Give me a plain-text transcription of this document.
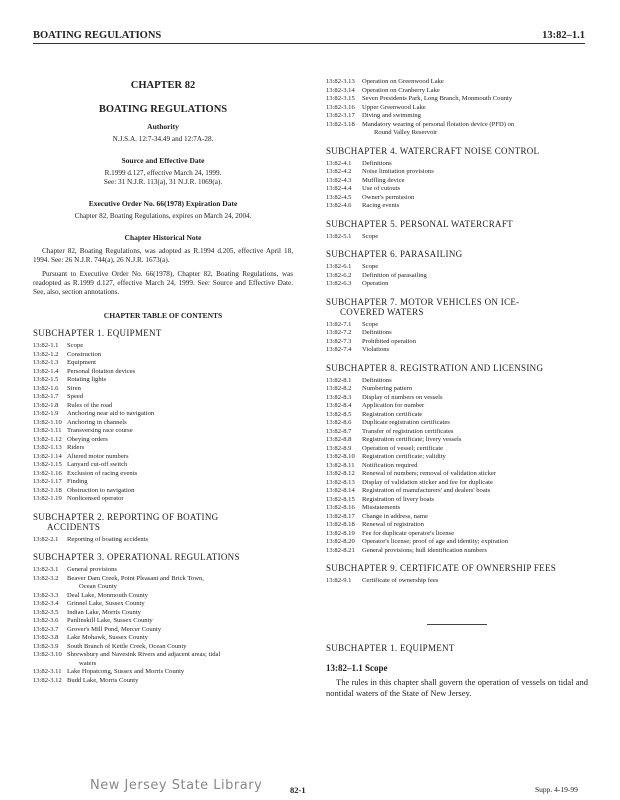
BOATING REGULATIONS	13:82–1.1
CHAPTER 82
BOATING REGULATIONS
Authority
N.J.S.A. 12:7-34.49 and 12:7A-28.
Source and Effective Date
R.1999 d.127, effective March 24, 1999.
See: 31 N.J.R. 113(a), 31 N.J.R. 1069(a).
Executive Order No. 66(1978) Expiration Date
Chapter 82, Boating Regulations, expires on March 24, 2004.
Chapter Historical Note
Chapter 82, Boating Regulations, was adopted as R.1994 d.205, effective April 18, 1994. See: 26 N.J.R. 744(a), 26 N.J.R. 1673(a).
Pursuant to Executive Order No. 66(1978), Chapter 82, Boating Regulations, was readopted as R.1999 d.127, effective March 24, 1999. See: Source and Effective Date. See, also, section annotations.
CHAPTER TABLE OF CONTENTS
SUBCHAPTER 1. EQUIPMENT
13:82-1.1	Scope
13:82-1.2	Construction
13:82-1.3	Equipment
13:82-1.4	Personal flotation devices
13:82-1.5	Rotating lights
13:82-1.6	Siren
13:82-1.7	Speed
13:82-1.8	Rules of the road
13:82-1.9	Anchoring near aid to navigation
13:82-1.10 Anchoring in channels
13:82-1.11 Transversing race course
13:82-1.12 Obeying orders
13:82-1.13 Riders
13:82-1.14 Altered motor numbers
13:82-1.15 Lanyard cut-off switch
13:82-1.16 Exclusion of racing events
13:82-1.17 Finding
13:82-1.18 Obstruction to navigation
13:82-1.19 Nonlicensed operator
SUBCHAPTER 2. REPORTING OF BOATING
ACCIDENTS
13:82-2.1	Reporting of boating accidents
SUBCHAPTER 3. OPERATIONAL REGULATIONS
13:82-3.1	General provisions
13:82-3.2	Beaver Dam Creek, Point Pleasant and Brick Town,
Ocean County
13:82-3.3	Deal Lake, Monmouth County
13:82-3.4	Grinnel Lake, Sussex County
13:82-3.5	Indian Lake, Morris County
13:82-3.6	Panlinskill Lake, Sussex County
13:82-3.7	Grover's Mill Pond, Mercer County
13:82-3.8	Lake Mohawk, Sussex County
13:82-3.9	South Branch of Kettle Creek, Ocean County
13:82-3.10 Shrewsbury and Navesink Rivers and adjacent areas; tidal
waters
13:82-3.11 Lake Hopatcong, Sussex and Morris County
13:82-3.12 Budd Lake, Morris County
13:82-3.13	Operation on Greenwood Lake
13:82-3.14	Operation on Cranberry Lake
13:82-3.15	Seven Presidents Park, Long Branch, Monmouth County
13:82-3.16	Upper Greenwood Lake
13:82-3.17	Diving and swimming
13:82-3.18	Mandatory wearing of personal flotation device (PFD) on
Round Valley Reservoir
SUBCHAPTER 4. WATERCRAFT NOISE CONTROL
13:82-4.1	Definitions
13:82-4.2	Noise limitation provisions
13:82-4.3	Muffling device
13:82-4.4	Use of cutouts
13:82-4.5	Owner's permission
13:82-4.6	Racing events
SUBCHAPTER 5. PERSONAL WATERCRAFT
13:82-5.1	Scope
SUBCHAPTER 6. PARASAILING
13:82-6.1	Scope
13:82-6.2	Definition of parasailing
13:82-6.3	Operation
SUBCHAPTER 7. MOTOR VEHICLES ON ICE-
COVERED WATERS
13:82-7.1	Scope
13:82-7.2	Definitions
13:82-7.3	Prohibited operation
13:82-7.4	Violations
SUBCHAPTER 8. REGISTRATION AND LICENSING
13:82-8.1	Definitions
13:82-8.2	Numbering pattern
13:82-8.3	Display of numbers on vessels
13:82-8.4	Application for number
13:82-8.5	Registration certificate
13:82-8.6	Duplicate registration certificates
13:82-8.7	Transfer of registration certificates
13:82-8.8	Registration certificate; livery vessels
13:82-8.9	Operation of vessel; certificate
13:82-8.10	Registration certificate; validity
13:82-8.11	Notification required
13:82-8.12	Renewal of numbers; removal of validation sticker
13:82-8.13	Display of validation sticker and fee for duplicate
13:82-8.14	Registration of manufacturers' and dealers' boats
13:82-8.15	Registration of livery boats
13:82-8.16	Misstatements
13:82-8.17	Change in address, name
13:82-8.18	Renewal of registration
13:82-8.19	Fee for duplicate operator's license
13:82-8.20	Operator's license; proof of age and identity; expiration
13:82-8.21	General provisions; hull identification numbers
SUBCHAPTER 9. CERTIFICATE OF OWNERSHIP FEES
13:82-9.1	Certificate of ownership fees
SUBCHAPTER 1. EQUIPMENT
13:82–1.1 Scope
The rules in this chapter shall govern the operation of vessels on tidal and nontidal waters of the State of New Jersey.
New Jersey State Library	82-1	Supp. 4-19-99
